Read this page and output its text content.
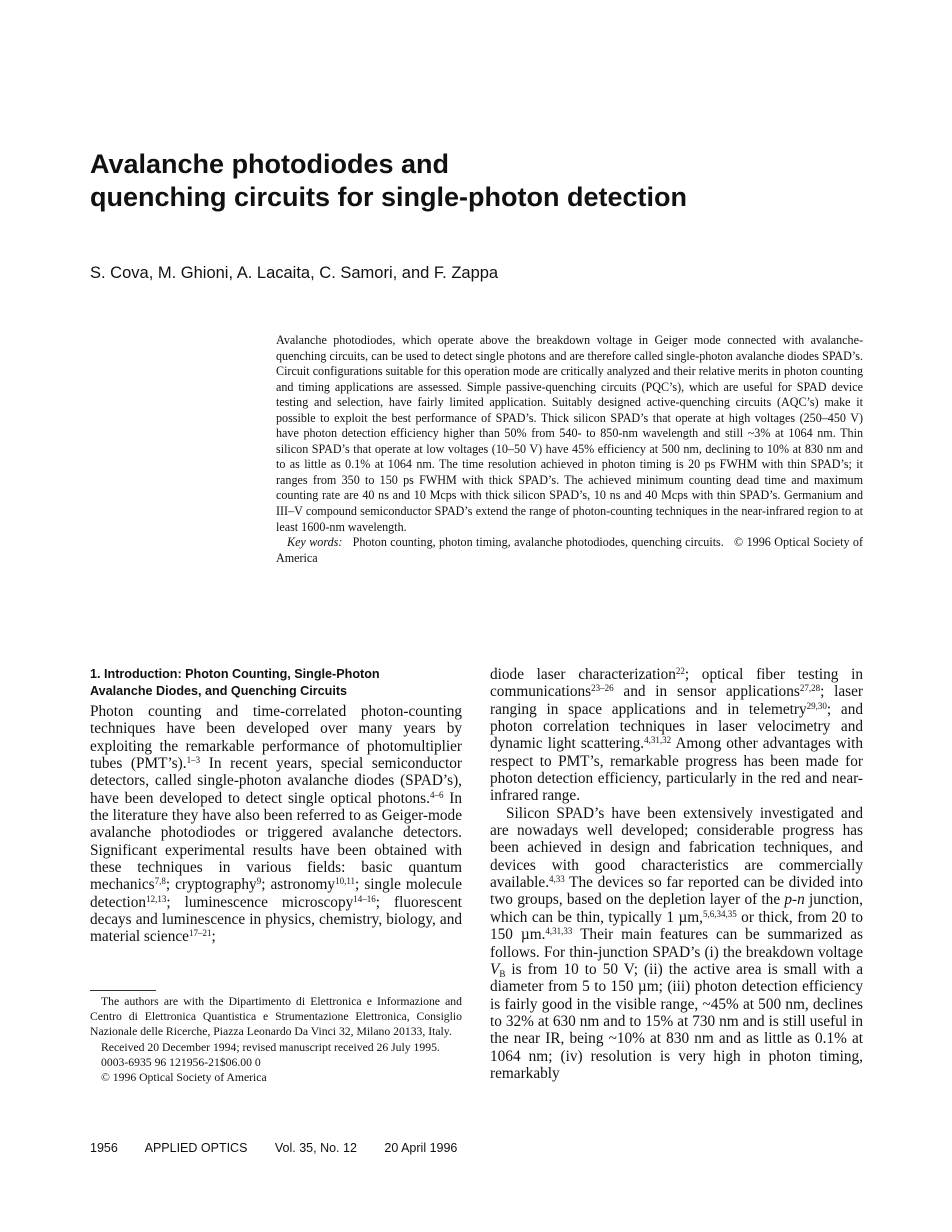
Avalanche photodiodes and
quenching circuits for single-photon detection
S. Cova, M. Ghioni, A. Lacaita, C. Samori, and F. Zappa

Avalanche photodiodes, which operate above the breakdown voltage in Geiger mode connected with avalanche-quenching circuits, can be used to detect single photons and are therefore called single-photon avalanche diodes SPAD’s. Circuit configurations suitable for this operation mode are critically analyzed and their relative merits in photon counting and timing applications are assessed. Simple passive-quenching circuits (PQC’s), which are useful for SPAD device testing and selection, have fairly limited application. Suitably designed active-quenching circuits (AQC’s) make it possible to exploit the best performance of SPAD’s. Thick silicon SPAD’s that operate at high voltages (250–450 V) have photon detection efficiency higher than 50% from 540- to 850-nm wavelength and still ~3% at 1064 nm. Thin silicon SPAD’s that operate at low voltages (10–50 V) have 45% efficiency at 500 nm, declining to 10% at 830 nm and to as little as 0.1% at 1064 nm. The time resolution achieved in photon timing is 20 ps FWHM with thin SPAD’s; it ranges from 350 to 150 ps FWHM with thick SPAD’s. The achieved minimum counting dead time and maximum counting rate are 40 ns and 10 Mcps with thick silicon SPAD’s, 10 ns and 40 Mcps with thin SPAD’s. Germanium and III–V compound semiconductor SPAD’s extend the range of photon-counting techniques in the near-infrared region to at least 1600-nm wavelength.

Key words: Photon counting, photon timing, avalanche photodiodes, quenching circuits. © 1996 Optical Society of America

1. Introduction: Photon Counting, Single-Photon
Avalanche Diodes, and Quenching Circuits

Photon counting and time-correlated photon-counting techniques have been developed over many years by exploiting the remarkable performance of photomultiplier tubes (PMT’s).$^{1-3}$ In recent years, special semiconductor detectors, called single-photon avalanche diodes (SPAD’s), have been developed to detect single optical photons.$^{4-6}$ In the literature they have also been referred to as Geiger-mode avalanche photodiodes or triggered avalanche detectors. Significant experimental results have been obtained with these techniques in various fields: basic quantum mechanics$^{7,8}$; cryptography$^9$; astronomy$^{10,11}$; single molecule detection$^{12,13}$; luminescence microscopy$^{14-16}$; fluorescent decays and luminescence in physics, chemistry, biology, and material science$^{17-21}$;

The authors are with the Dipartimento di Elettronica e Informazione and Centro di Elettronica Quantistica e Strumentazione Elettronica, Consiglio Nazionale delle Ricerche, Piazza Leonardo Da Vinci 32, Milano 20133, Italy.

Received 20 December 1994; revised manuscript received 26 July 1995.

0003-6935 96 121956-21$06.00 0

© 1996 Optical Society of America

diode laser characterization$^{22}$; optical fiber testing in communications$^{23-26}$ and in sensor applications$^{27,28}$; laser ranging in space applications and in telemetry$^{29,30}$; and photon correlation techniques in laser velocimetry and dynamic light scattering.$^{4,31,32}$ Among other advantages with respect to PMT’s, remarkable progress has been made for photon detection efficiency, particularly in the red and near-infrared range.

Silicon SPAD’s have been extensively investigated and are nowadays well developed; considerable progress has been achieved in design and fabrication techniques, and devices with good characteristics are commercially available.$^{4,33}$ The devices so far reported can be divided into two groups, based on the depletion layer of the p-n junction, which can be thin, typically 1 µm,$^{5,6,34,35}$ or thick, from 20 to 150 µm.$^{4,31,33}$ Their main features can be summarized as follows. For thin-junction SPAD’s (i) the breakdown voltage $V_B$ is from 10 to 50 V; (ii) the active area is small with a diameter from 5 to 150 µm; (iii) photon detection efficiency is fairly good in the visible range, ~45% at 500 nm, declines to 32% at 630 nm and to 15% at 730 nm and is still useful in the near IR, being ~10% at 830 nm and as little as 0.1% at 1064 nm; (iv) resolution is very high in photon timing, remarkably

1956 APPLIED OPTICS Vol. 35, No. 12 20 April 1996
